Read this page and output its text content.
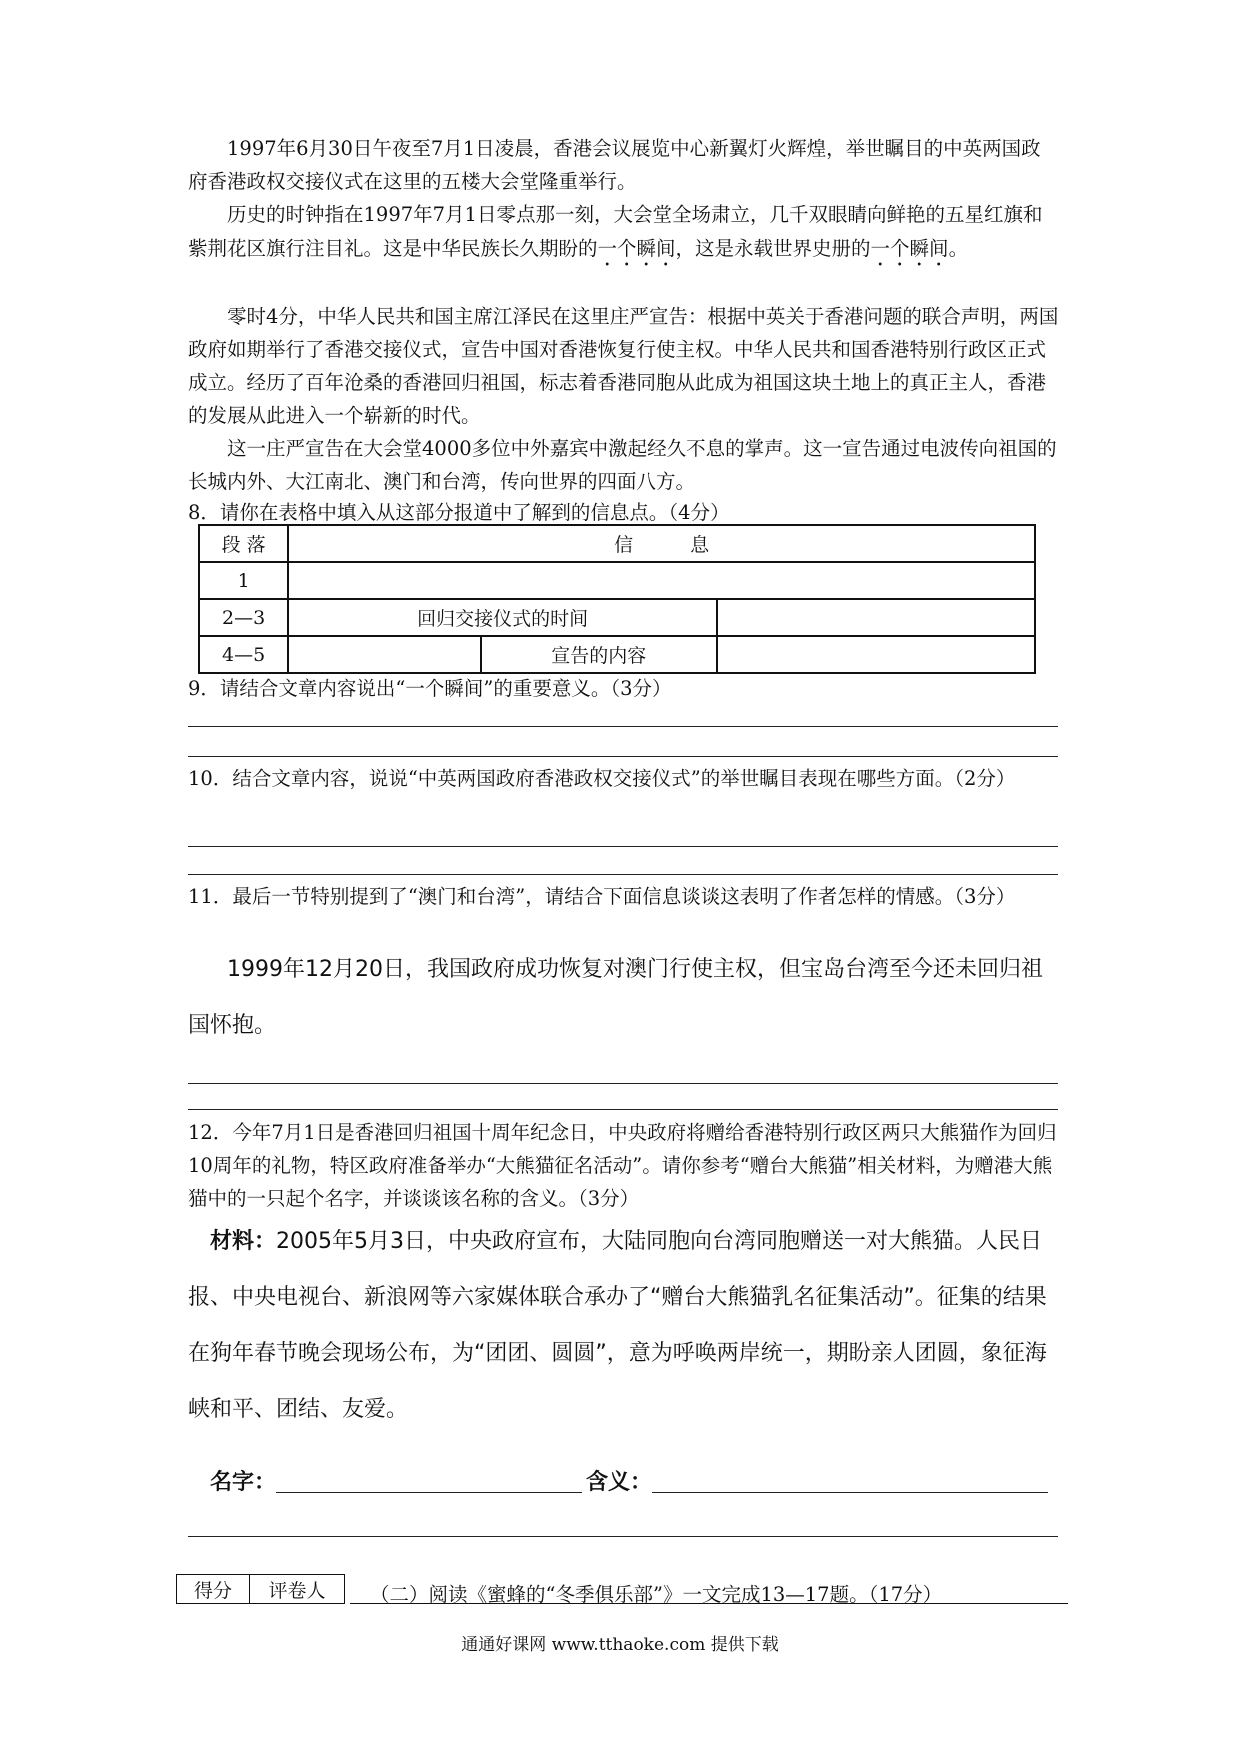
1997年6月30日午夜至7月1日凌晨，香港会议展览中心新翼灯火辉煌，举世瞩目的中英两国政府香港政权交接仪式在这里的五楼大会堂隆重举行。
历史的时钟指在1997年7月1日零点那一刻，大会堂全场肃立，几千双眼睛向鲜艳的五星红旗和紫荆花区旗行注目礼。这是中华民族长久期盼的一个瞬间，这是永载世界史册的一个瞬间。
零时4分，中华人民共和国主席江泽民在这里庄严宣告：根据中英关于香港问题的联合声明，两国政府如期举行了香港交接仪式，宣告中国对香港恢复行使主权。中华人民共和国香港特别行政区正式成立。经历了百年沧桑的香港回归祖国，标志着香港同胞从此成为祖国这块土地上的真正主人，香港的发展从此进入一个崭新的时代。
这一庄严宣告在大会堂4000多位中外嘉宾中激起经久不息的掌声。这一宣告通过电波传向祖国的长城内外、大江南北、澳门和台湾，传向世界的四面八方。
8．请你在表格中填入从这部分报道中了解到的信息点。（4分）
段 落	信　　　息		
1			
2—3	回归交接仪式的时间		
4—5		宣告的内容	
9．请结合文章内容说出“一个瞬间”的重要意义。（3分）
10．结合文章内容，说说“中英两国政府香港政权交接仪式”的举世瞩目表现在哪些方面。（2分）
11．最后一节特别提到了“澳门和台湾”，请结合下面信息谈谈这表明了作者怎样的情感。（3分）
1999年12月20日，我国政府成功恢复对澳门行使主权，但宝岛台湾至今还未回归祖国怀抱。
12．今年7月1日是香港回归祖国十周年纪念日，中央政府将赠给香港特别行政区两只大熊猫作为回归10周年的礼物，特区政府准备举办“大熊猫征名活动”。请你参考“赠台大熊猫”相关材料，为赠港大熊猫中的一只起个名字，并谈谈该名称的含义。（3分）
材料：2005年5月3日，中央政府宣布，大陆同胞向台湾同胞赠送一对大熊猫。人民日报、中央电视台、新浪网等六家媒体联合承办了“赠台大熊猫乳名征集活动”。征集的结果在狗年春节晚会现场公布，为“团团、圆圆”，意为呼唤两岸统一，期盼亲人团圆，象征海峡和平、团结、友爱。
名字：	含义：
得分	评卷人 （二）阅读《蜜蜂的“冬季俱乐部”》一文完成13—17题。（17分）
通通好课网 www.tthaoke.com 提供下载
